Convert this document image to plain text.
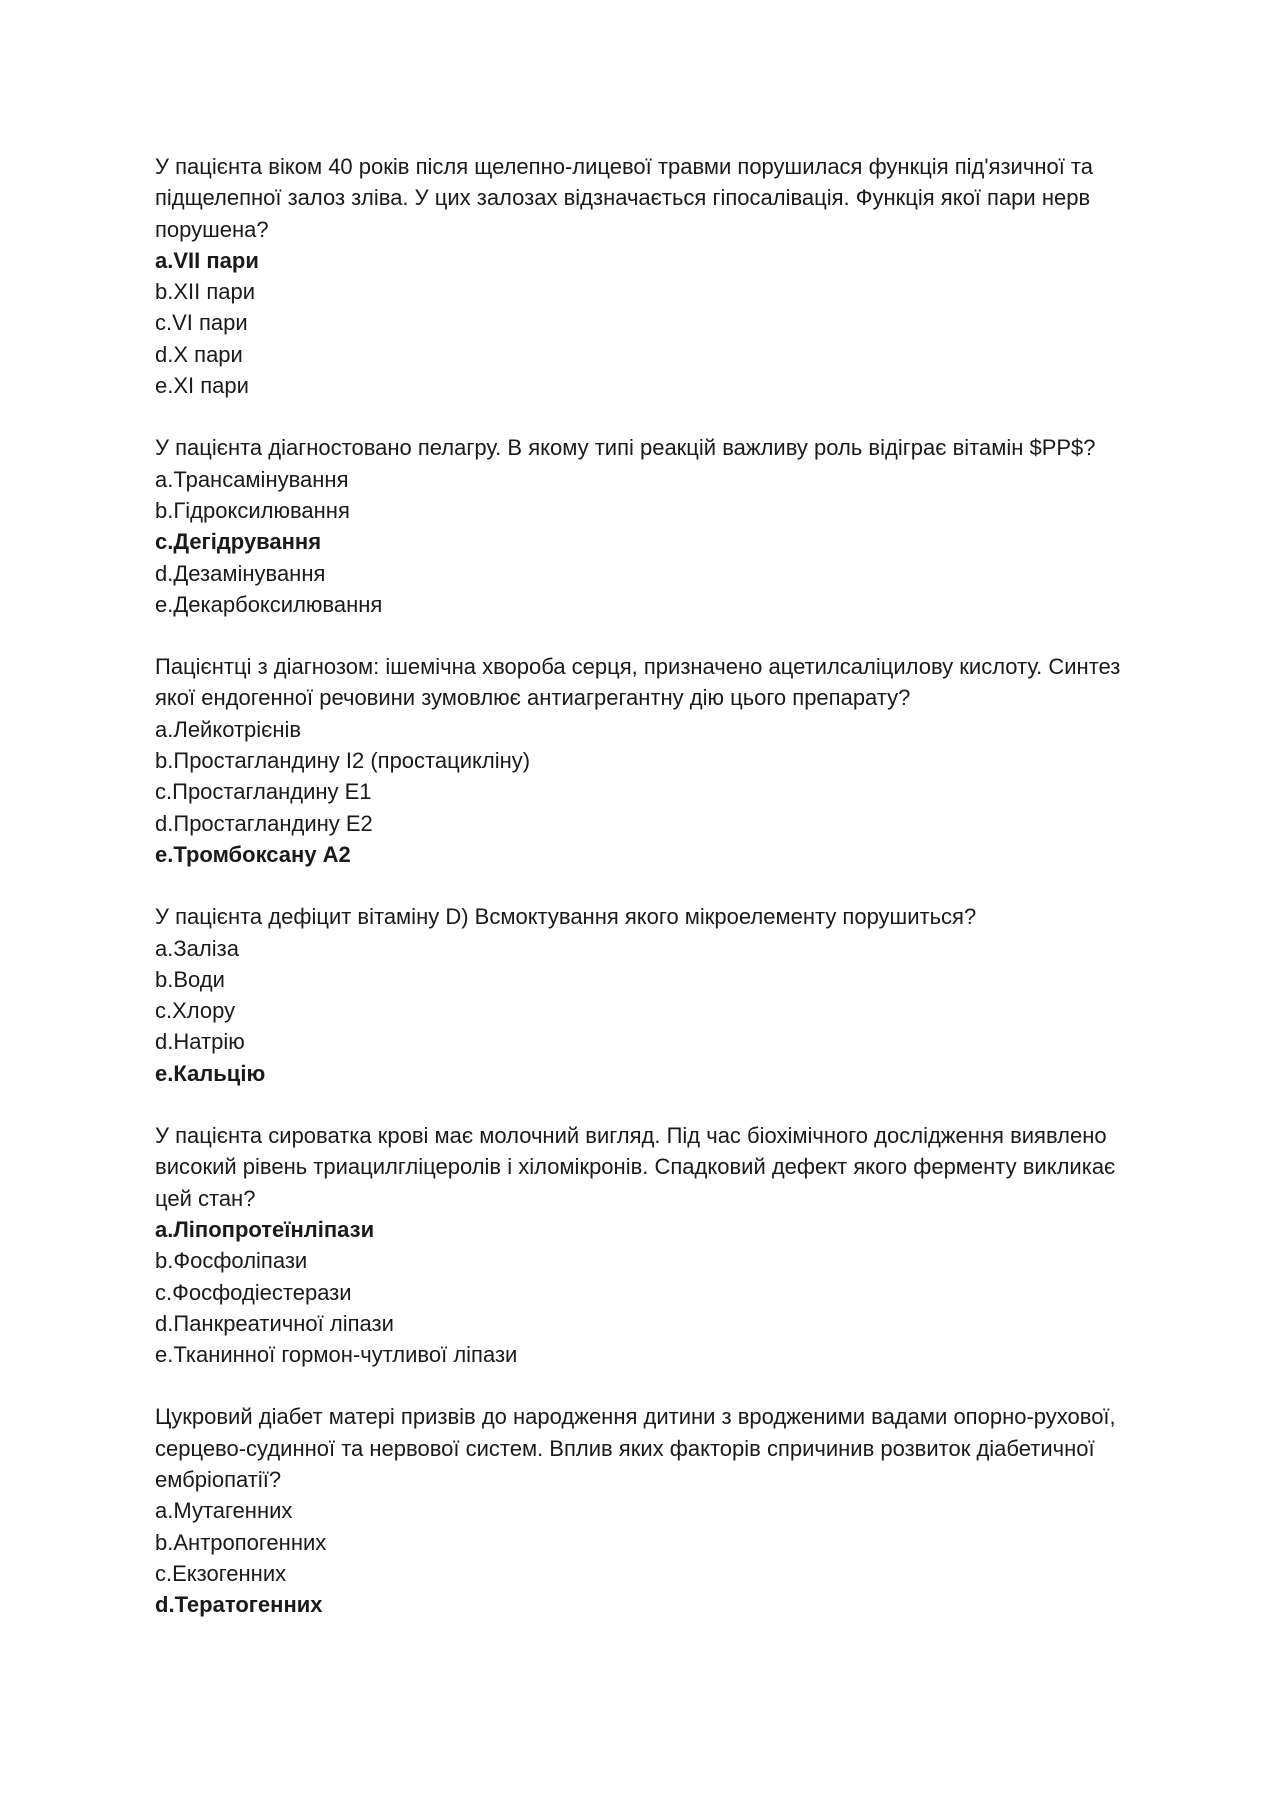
У пацієнта віком 40 років після щелепно-лицевої травми порушилася функція під'язичної та підщелепної залоз зліва. У цих залозах відзначається гіпосалівація. Функція якої пари нерв порушена?

a.VII пари
b.XII пари
c.VI пари
d.X пари
e.XI пари

У пацієнта діагностовано пелагру. В якому типі реакцій важливу роль відіграє вітамін $PP$?

a.Трансамінування
b.Гідроксилювання
c.Дегідрування
d.Дезамінування
e.Декарбоксилювання

Пацієнтці з діагнозом: ішемічна хвороба серця, призначено ацетилсаліцилову кислоту. Синтез якої ендогенної речовини зумовлює антиагрегантну дію цього препарату?

a.Лейкотрієнів
b.Простагландину I2 (простацикліну)
c.Простагландину Е1
d.Простагландину Е2
e.Тромбоксану А2

У пацієнта дефіцит вітаміну D) Всмоктування якого мікроелементу порушиться?

a.Заліза
b.Води
c.Хлору
d.Натрію
e.Кальцію

У пацієнта сироватка крові має молочний вигляд. Під час біохімічного дослідження виявлено високий рівень триацилгліцеролів і хіломікронів. Спадковий дефект якого ферменту викликає цей стан?

a.Ліпопротеїнліпази
b.Фосфоліпази
c.Фосфодіестерази
d.Панкреатичної ліпази
e.Тканинної гормон-чутливої ліпази

Цукровий діабет матері призвів до народження дитини з вродженими вадами опорно-рухової, серцево-судинної та нервової систем. Вплив яких факторів спричинив розвиток діабетичної ембріопатії?

a.Мутагенних
b.Антропогенних
c.Екзогенних
d.Тератогенних
